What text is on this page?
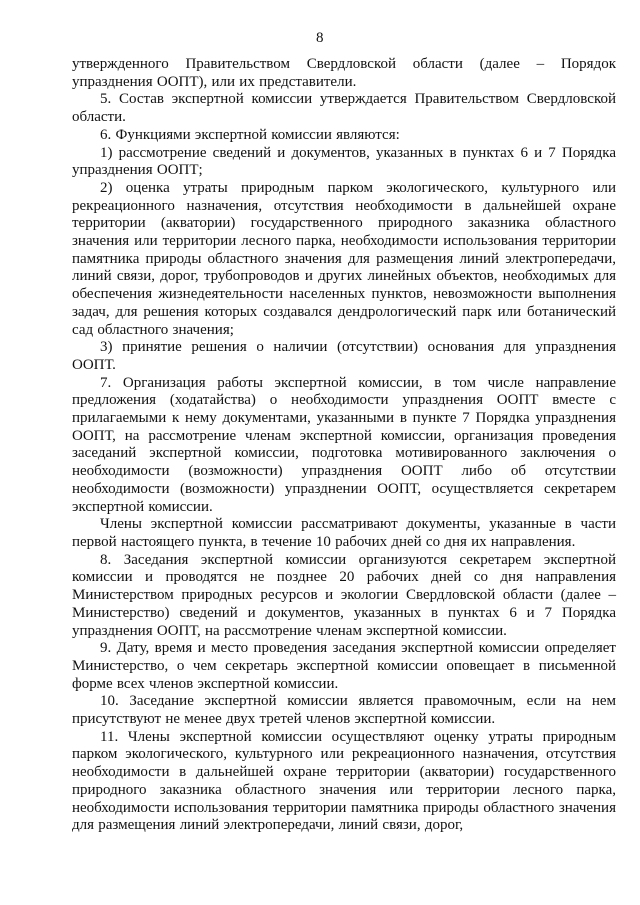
8

утвержденного Правительством Свердловской области (далее – Порядок упразднения ООПТ), или их представители.

5. Состав экспертной комиссии утверждается Правительством Свердловской области.

6. Функциями экспертной комиссии являются:

1) рассмотрение сведений и документов, указанных в пунктах 6 и 7 Порядка упразднения ООПТ;

2) оценка утраты природным парком экологического, культурного или рекреационного назначения, отсутствия необходимости в дальнейшей охране территории (акватории) государственного природного заказника областного значения или территории лесного парка, необходимости использования территории памятника природы областного значения для размещения линий электропередачи, линий связи, дорог, трубопроводов и других линейных объектов, необходимых для обеспечения жизнедеятельности населенных пунктов, невозможности выполнения задач, для решения которых создавался дендрологический парк или ботанический сад областного значения;

3) принятие решения о наличии (отсутствии) основания для упразднения ООПТ.

7. Организация работы экспертной комиссии, в том числе направление предложения (ходатайства) о необходимости упразднения ООПТ вместе с прилагаемыми к нему документами, указанными в пункте 7 Порядка упразднения ООПТ, на рассмотрение членам экспертной комиссии, организация проведения заседаний экспертной комиссии, подготовка мотивированного заключения о необходимости (возможности) упразднения ООПТ либо об отсутствии необходимости (возможности) упразднении ООПТ, осуществляется секретарем экспертной комиссии.

Члены экспертной комиссии рассматривают документы, указанные в части первой настоящего пункта, в течение 10 рабочих дней со дня их направления.

8. Заседания экспертной комиссии организуются секретарем экспертной комиссии и проводятся не позднее 20 рабочих дней со дня направления Министерством природных ресурсов и экологии Свердловской области (далее – Министерство) сведений и документов, указанных в пунктах 6 и 7 Порядка упразднения ООПТ, на рассмотрение членам экспертной комиссии.

9. Дату, время и место проведения заседания экспертной комиссии определяет Министерство, о чем секретарь экспертной комиссии оповещает в письменной форме всех членов экспертной комиссии.

10. Заседание экспертной комиссии является правомочным, если на нем присутствуют не менее двух третей членов экспертной комиссии.

11. Члены экспертной комиссии осуществляют оценку утраты природным парком экологического, культурного или рекреационного назначения, отсутствия необходимости в дальнейшей охране территории (акватории) государственного природного заказника областного значения или территории лесного парка, необходимости использования территории памятника природы областного значения для размещения линий электропередачи, линий связи, дорог,
